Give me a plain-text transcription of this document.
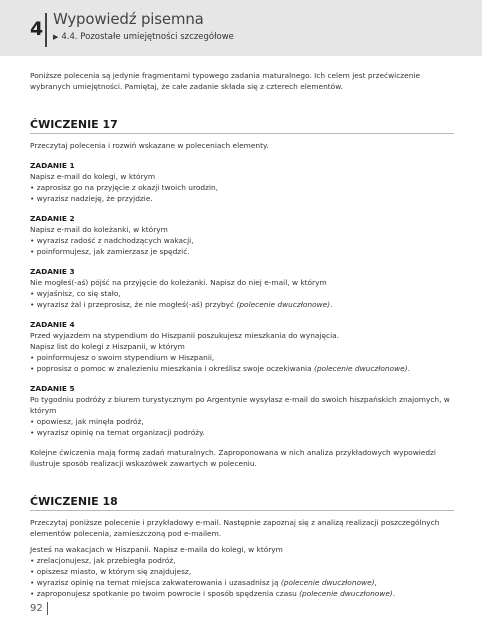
4 Wypowiedź pisemna
▶ 4.4. Pozostałe umiejętności szczegółowe

Poniższe polecenia są jedynie fragmentami typowego zadania maturalnego. Ich celem jest przećwiczenie wybranych umiejętności. Pamiętaj, że całe zadanie składa się z czterech elementów.

ĆWICZENIE 17

Przeczytaj polecenia i rozwiń wskazane w poleceniach elementy.

ZADANIE 1
Napisz e-mail do kolegi, w którym
• zaprosisz go na przyjęcie z okazji twoich urodzin,
• wyrazisz nadzieję, że przyjdzie.
ZADANIE 2
Napisz e-mail do koleżanki, w którym
• wyrazisz radość z nadchodzących wakacji,
• poinformujesz, jak zamierzasz je spędzić.
ZADANIE 3
Nie mogłeś(-aś) pójść na przyjęcie do koleżanki. Napisz do niej e-mail, w którym
• wyjaśnisz, co się stało,
• wyrazisz żal i przeprosisz, że nie mogłeś(-aś) przybyć (polecenie dwuczłonowe).
ZADANIE 4
Przed wyjazdem na stypendium do Hiszpanii poszukujesz mieszkania do wynajęcia.
Napisz list do kolegi z Hiszpanii, w którym
• poinformujesz o swoim stypendium w Hiszpanii,
• poprosisz o pomoc w znalezieniu mieszkania i określisz swoje oczekiwania (polecenie dwuczłonowe).
ZADANIE 5
Po tygodniu podróży z biurem turystycznym po Argentynie wysyłasz e-mail do swoich hiszpańskich znajomych, w którym
• opowiesz, jak minęła podróż,
• wyrazisz opinię na temat organizacji podróży.

Kolejne ćwiczenia mają formę zadań maturalnych. Zaproponowana w nich analiza przykładowych wypowiedzi ilustruje sposób realizacji wskazówek zawartych w poleceniu.

ĆWICZENIE 18

Przeczytaj poniższe polecenie i przykładowy e-mail. Następnie zapoznaj się z analizą realizacji poszczególnych elementów polecenia, zamieszczoną pod e-mailem.

Jesteś na wakacjach w Hiszpanii. Napisz e-maila do kolegi, w którym
• zrelacjonujesz, jak przebiegła podróż,
• opiszesz miasto, w którym się znajdujesz,
• wyrazisz opinię na temat miejsca zakwaterowania i uzasadnisz ją (polecenie dwuczłonowe),
• zaproponujesz spotkanie po twoim powrocie i sposób spędzenia czasu (polecenie dwuczłonowe).
92
